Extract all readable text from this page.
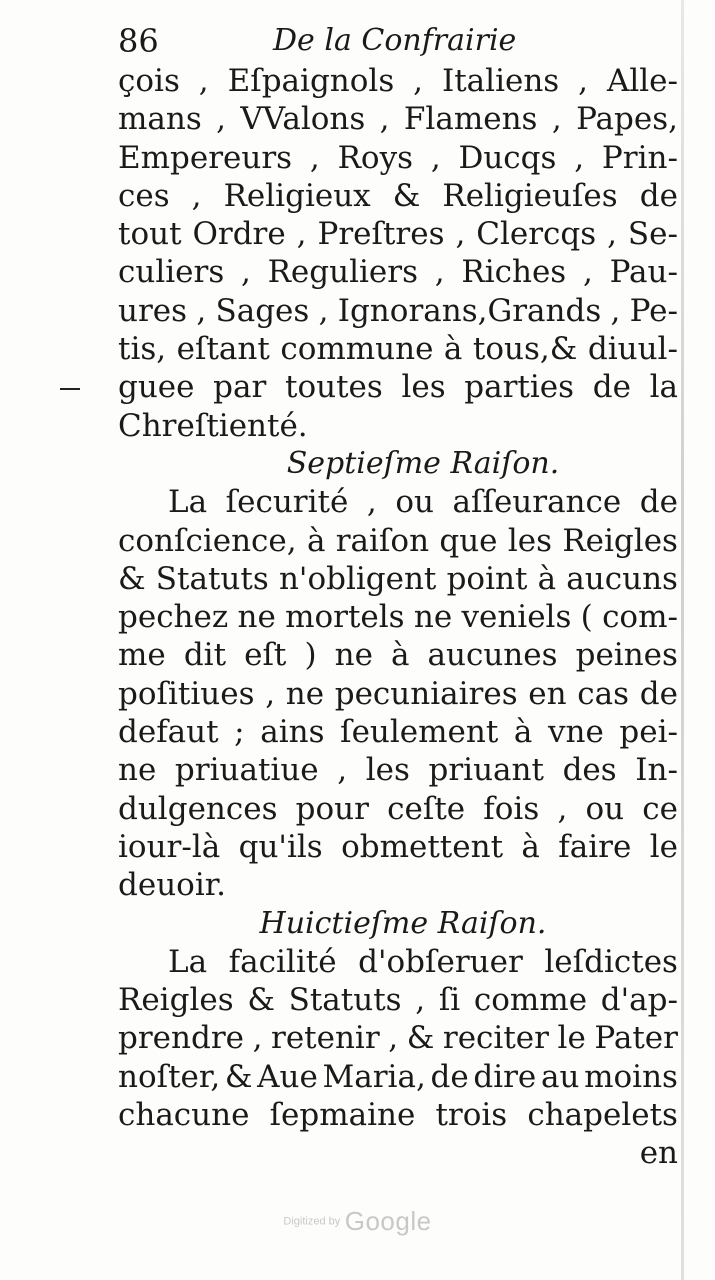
86	De la Confrairie
çois , Eſpaignols , Italiens , Alle-
mans , VValons , Flamens , Papes,
Empereurs , Roys , Ducqs , Prin-
ces , Religieux & Religieuſes de
tout Ordre , Preſtres , Clercqs , Se-
culiers , Reguliers , Riches , Pau-
ures , Sages , Ignorans,Grands , Pe-
tis, eſtant commune à tous,& diuul-
guee par toutes les parties de la
Chreſtienté.
Septieſme Raiſon.
La ſecurité , ou aſſeurance de
conſcience, à raiſon que les Reigles
& Statuts n'obligent point à aucuns
pechez ne mortels ne veniels ( com-
me dit eſt ) ne à aucunes peines
poſitiues , ne pecuniaires en cas de
defaut ; ains ſeulement à vne pei-
ne priuatiue , les priuant des In-
dulgences pour ceſte fois , ou ce
iour-là qu'ils obmettent à faire le
deuoir.
Huictieſme Raiſon.
La facilité d'obſeruer leſdictes
Reigles & Statuts , ſi comme d'ap-
prendre , retenir , & reciter le Pater
noſter, & Aue Maria, de dire au moins
chacune ſepmaine trois chapelets
en
Digitized by Google
